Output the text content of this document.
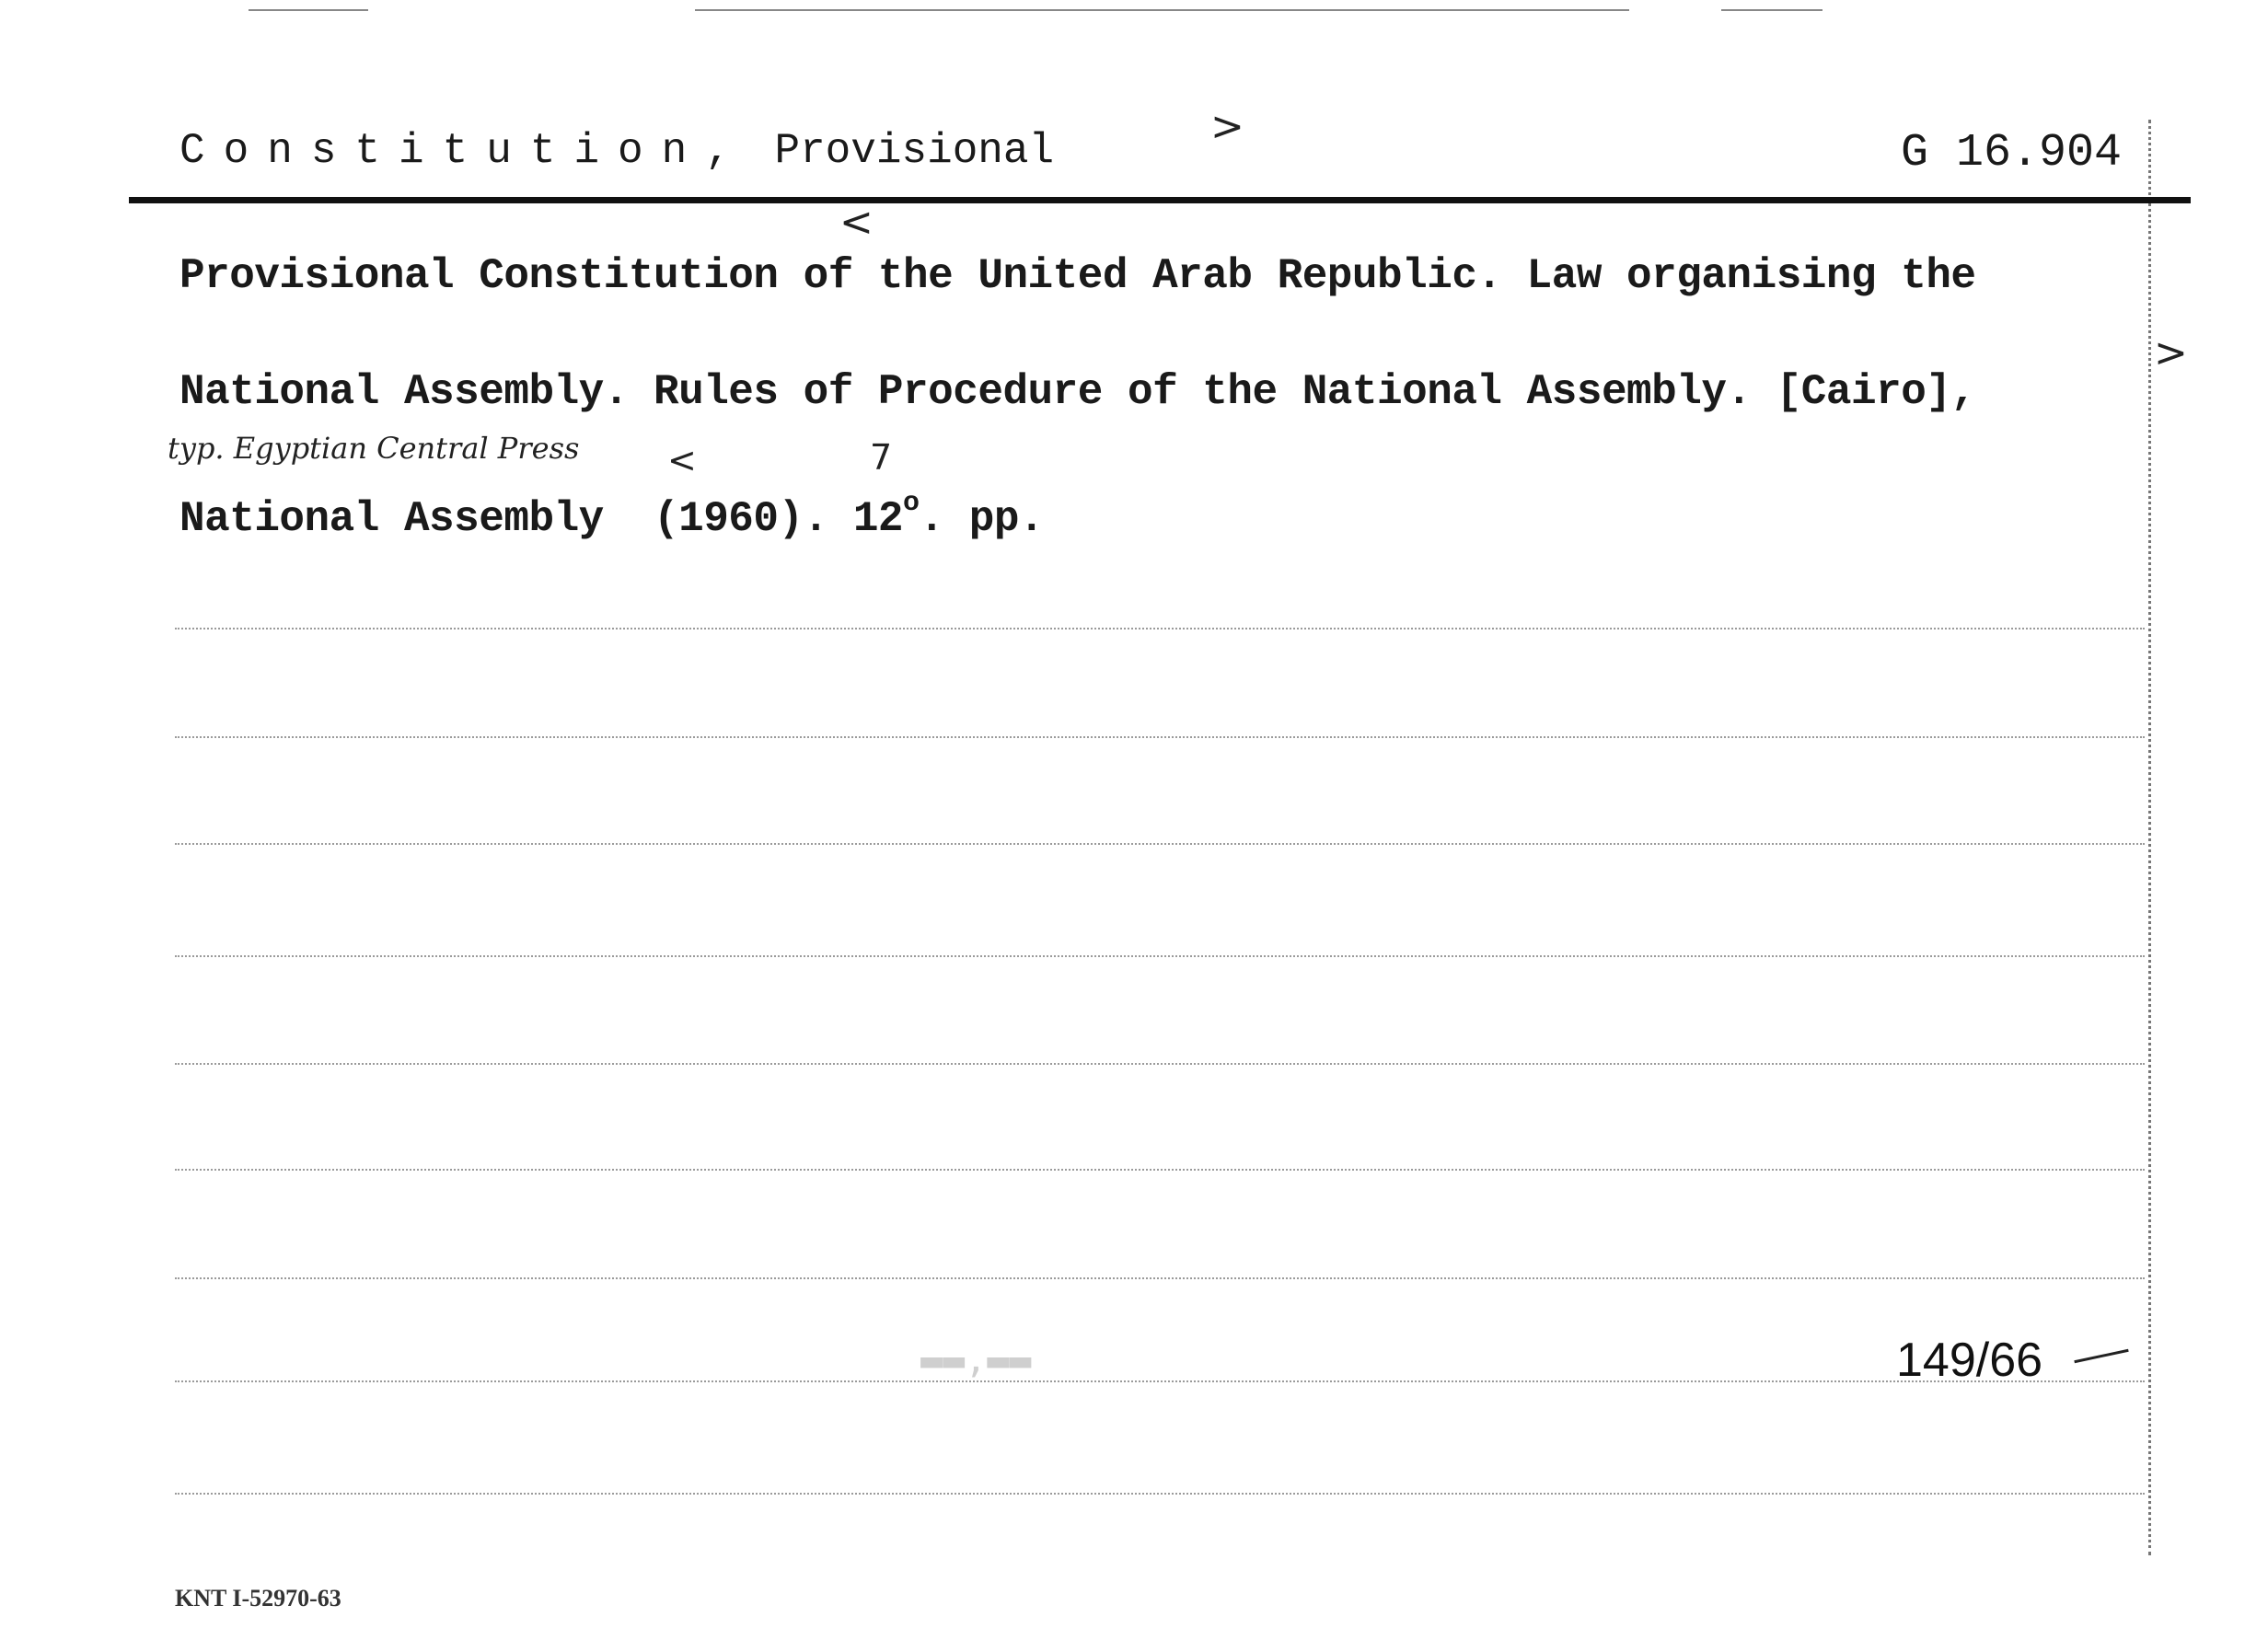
Constitution, Provisional
>
G 16.904
<
Provisional Constitution of the United Arab Republic. Law organising the
>
National Assembly. Rules of Procedure of the National Assembly. [Cairo],
typ. Egyptian Central Press	<	7
National Assembly  (1960). 12$^o$. pp.
▬▬,▬▬	149/66
KNT I-52970-63
